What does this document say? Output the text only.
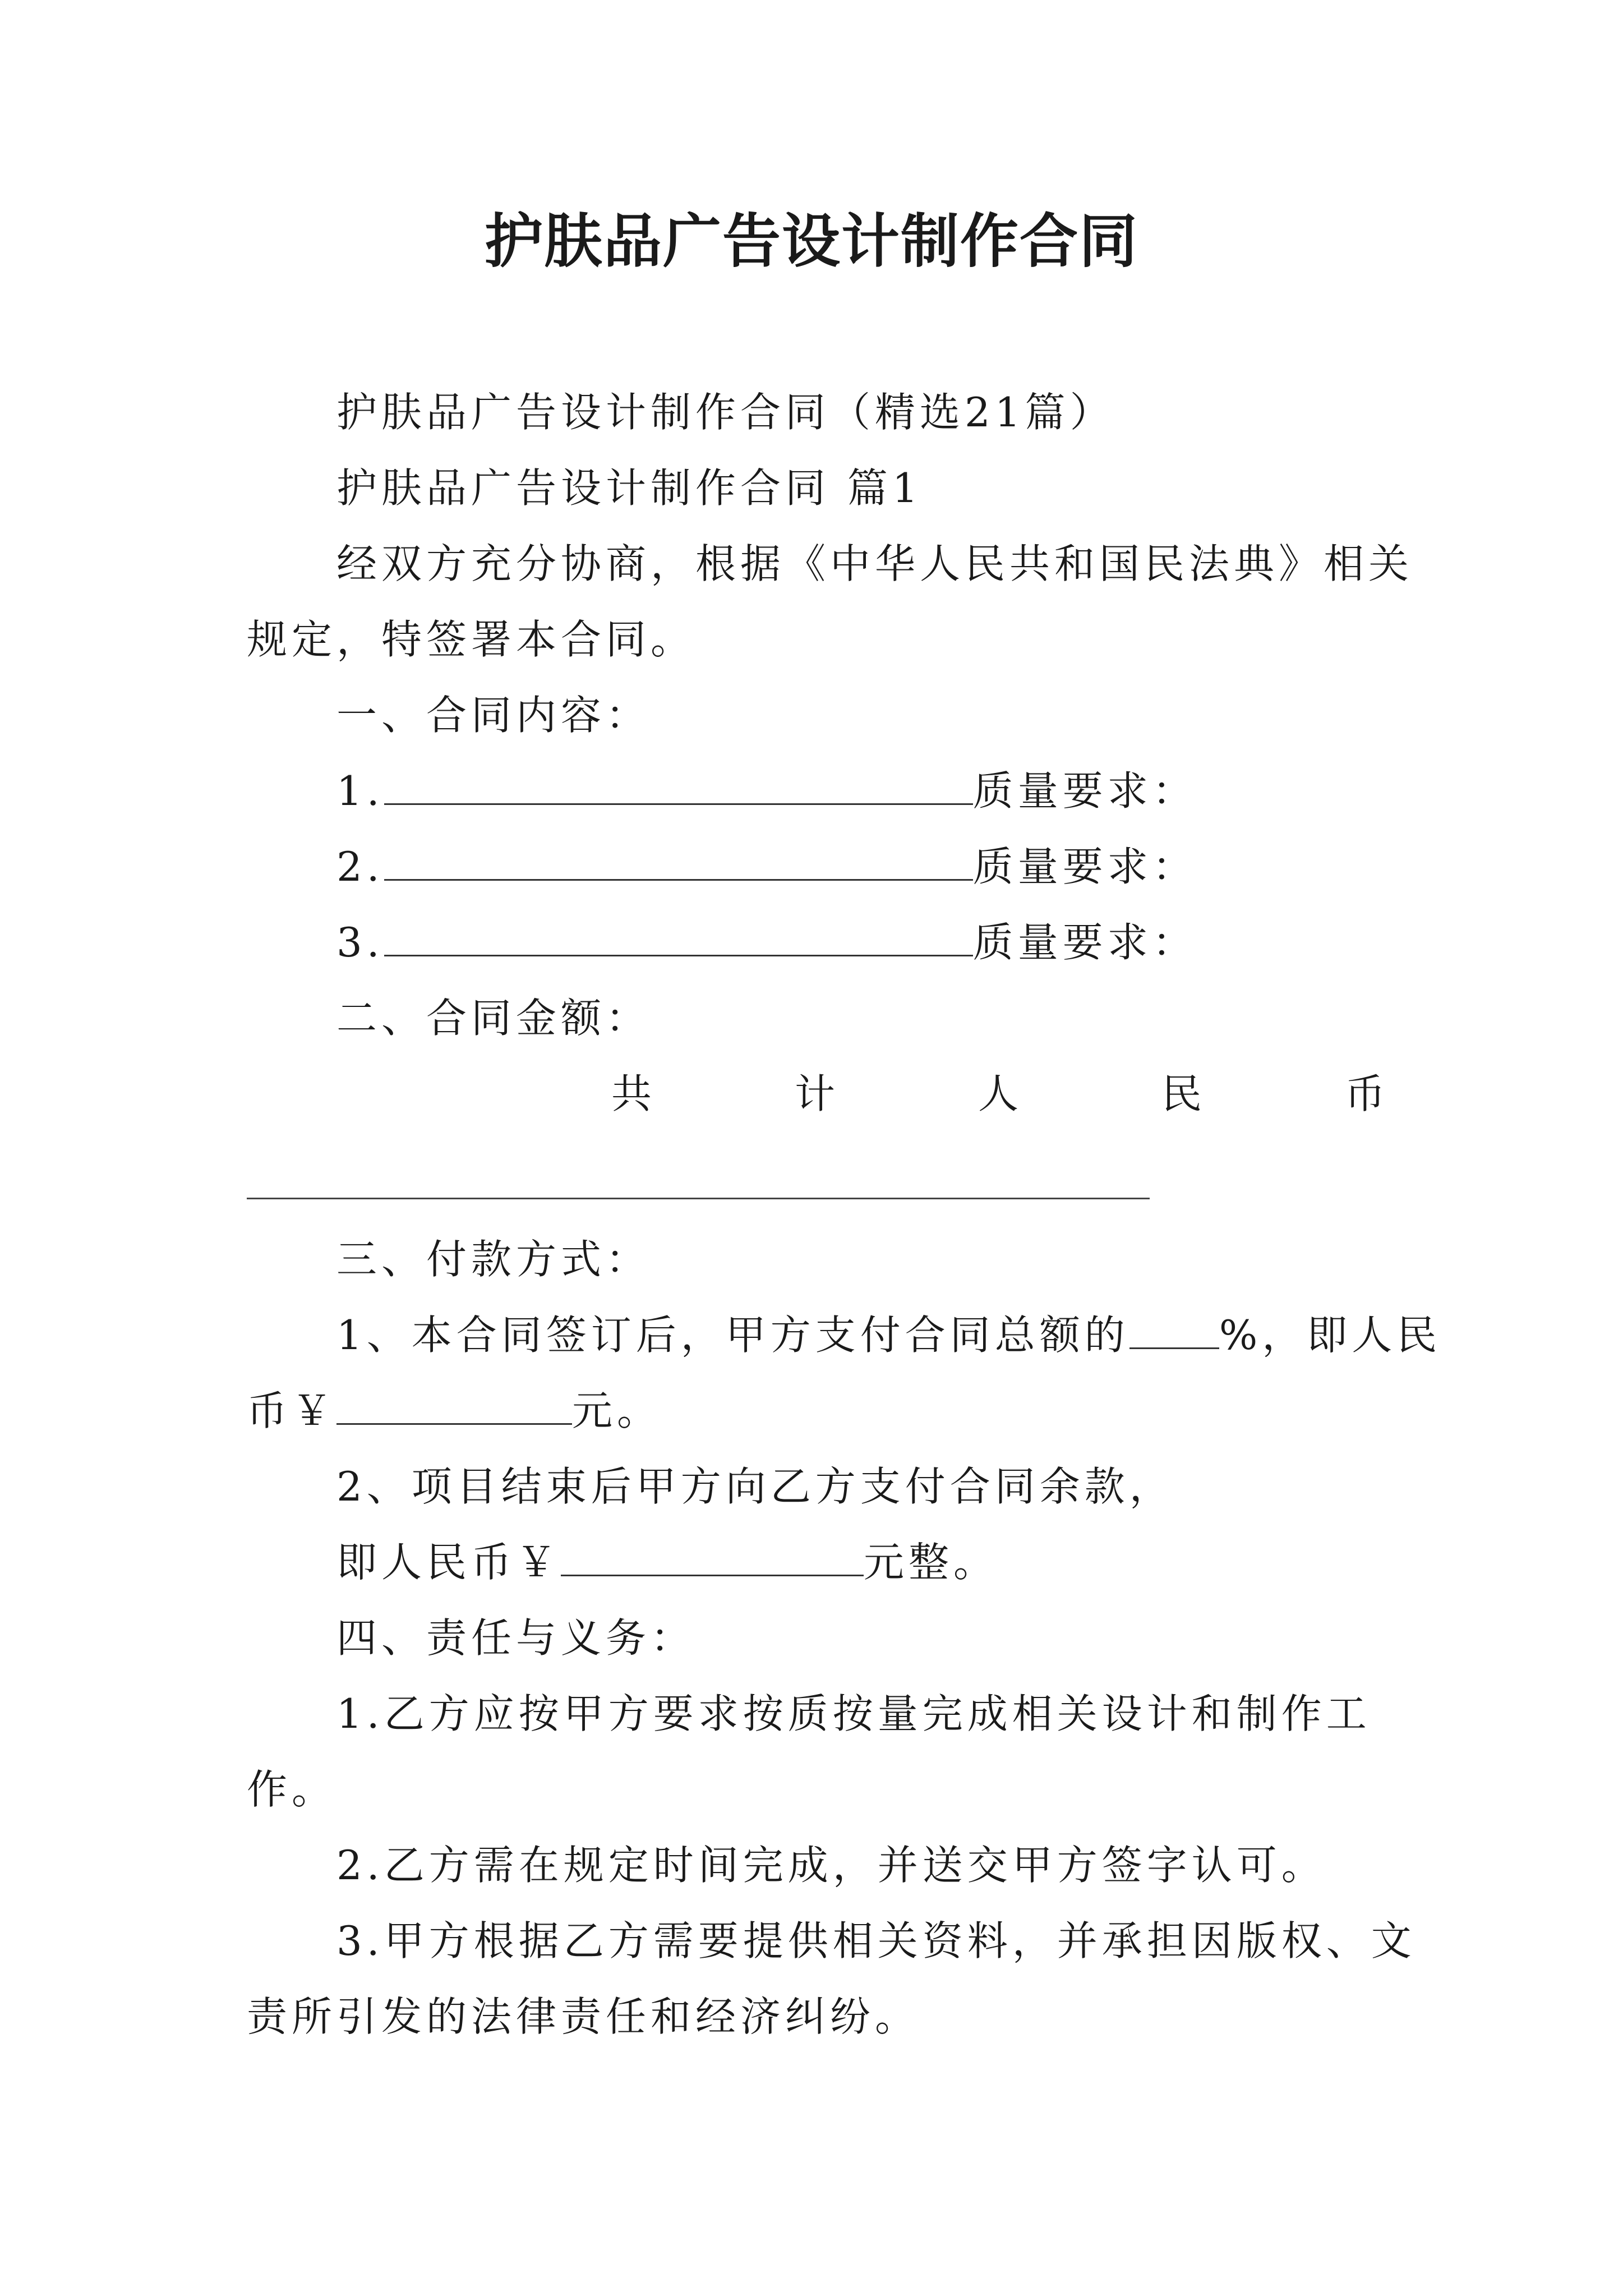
护肤品广告设计制作合同
护肤品广告设计制作合同（精选21篇）
护肤品广告设计制作合同 篇1
经双方充分协商，根据《中华人民共和国民法典》相关
规定，特签署本合同。
一、合同内容：
1.	质量要求：
2.	质量要求：
3.	质量要求：
二、合同金额：
共	计	人	民	币
三、付款方式：
1、本合同签订后，甲方支付合同总额的 %，即人民
币￥	元。
2、项目结束后甲方向乙方支付合同余款，
即人民币￥	元整。
四、责任与义务：
1.乙方应按甲方要求按质按量完成相关设计和制作工
作。
2.乙方需在规定时间完成，并送交甲方签字认可。
3.甲方根据乙方需要提供相关资料，并承担因版权、文
责所引发的法律责任和经济纠纷。
